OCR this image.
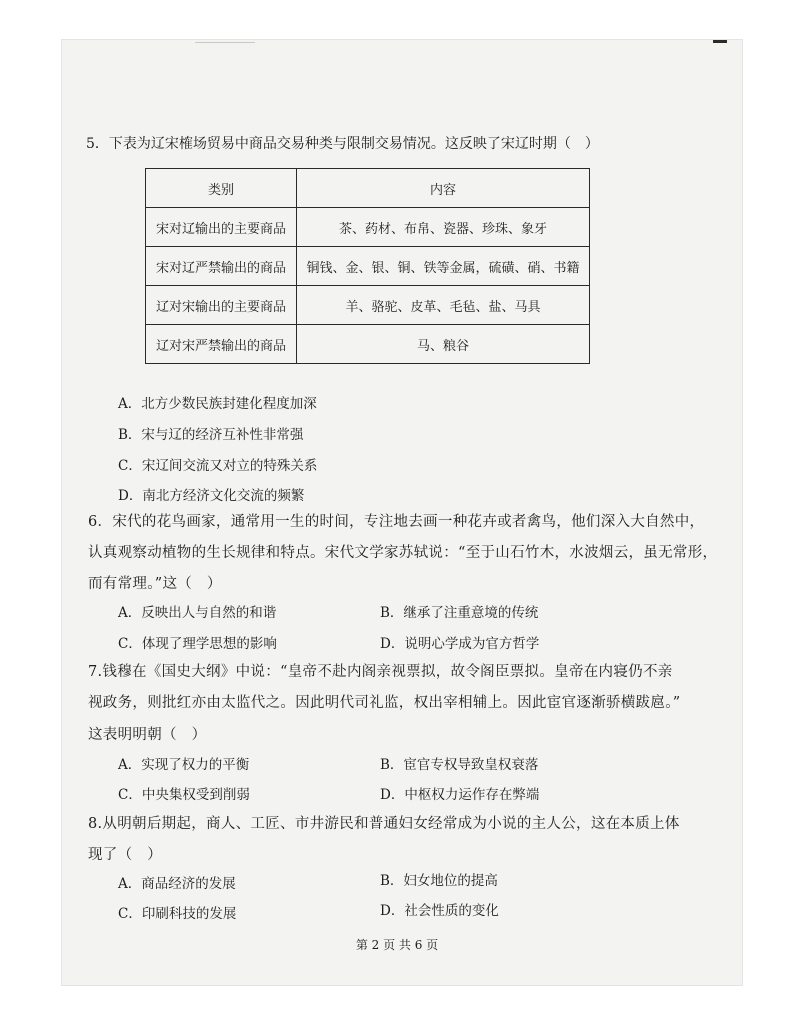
5．下表为辽宋榷场贸易中商品交易种类与限制交易情况。这反映了宋辽时期（　）
类别	内容
宋对辽输出的主要商品	茶、药材、布帛、瓷器、珍珠、象牙
宋对辽严禁输出的商品	铜钱、金、银、铜、铁等金属，硫磺、硝、书籍
辽对宋输出的主要商品	羊、骆驼、皮革、毛毡、盐、马具
辽对宋严禁输出的商品	马、粮谷
A．北方少数民族封建化程度加深
B．宋与辽的经济互补性非常强
C．宋辽间交流又对立的特殊关系
D．南北方经济文化交流的频繁
6．宋代的花鸟画家，通常用一生的时间，专注地去画一种花卉或者禽鸟，他们深入大自然中，
认真观察动植物的生长规律和特点。宋代文学家苏轼说：“至于山石竹木，水波烟云，虽无常形，
而有常理。”这（　）
A．反映出人与自然的和谐	B．继承了注重意境的传统
C．体现了理学思想的影响	D．说明心学成为官方哲学
7.钱穆在《国史大纲》中说：“皇帝不赴内阁亲视票拟，故令阁臣票拟。皇帝在内寝仍不亲
视政务，则批红亦由太监代之。因此明代司礼监，权出宰相辅上。因此宦官逐渐骄横跋扈。”
这表明明朝（　）
A．实现了权力的平衡	B．宦官专权导致皇权衰落
C．中央集权受到削弱	D．中枢权力运作存在弊端
8.从明朝后期起，商人、工匠、市井游民和普通妇女经常成为小说的主人公，这在本质上体
现了（　）
A．商品经济的发展	B．妇女地位的提高
C．印刷科技的发展	D．社会性质的变化
第 2 页 共 6 页
